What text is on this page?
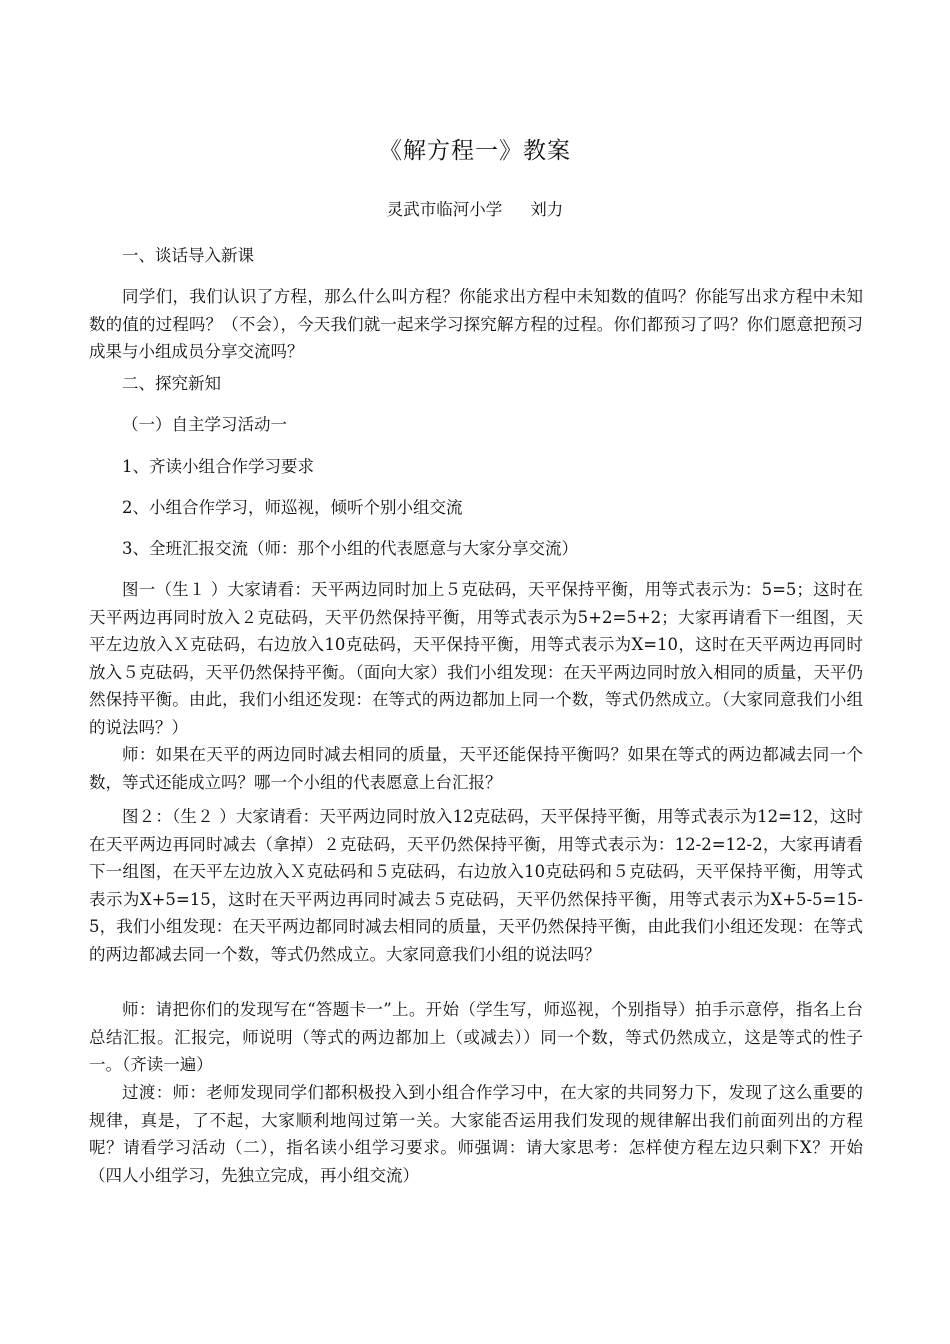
《解方程一》教案
灵武市临河小学 刘力
一、谈话导入新课
同学们，我们认识了方程，那么什么叫方程？你能求出方程中未知数的值吗？你能写出求方程中未知数的值的过程吗？（不会），今天我们就一起来学习探究解方程的过程。你们都预习了吗？你们愿意把预习成果与小组成员分享交流吗？
二、探究新知
（一）自主学习活动一
1、齐读小组合作学习要求
2、小组合作学习，师巡视，倾听个别小组交流
3、全班汇报交流（师：那个小组的代表愿意与大家分享交流）
图一（生１ ）大家请看：天平两边同时加上５克砝码，天平保持平衡，用等式表示为：5=5；这时在天平两边再同时放入２克砝码，天平仍然保持平衡，用等式表示为5+2=5+2；大家再请看下一组图，天平左边放入Ｘ克砝码，右边放入10克砝码，天平保持平衡，用等式表示为X=10，这时在天平两边再同时放入５克砝码，天平仍然保持平衡。（面向大家）我们小组发现：在天平两边同时放入相同的质量，天平仍然保持平衡。由此，我们小组还发现：在等式的两边都加上同一个数，等式仍然成立。（大家同意我们小组的说法吗？）
师：如果在天平的两边同时减去相同的质量，天平还能保持平衡吗？如果在等式的两边都减去同一个数，等式还能成立吗？哪一个小组的代表愿意上台汇报？
图２：（生２ ）大家请看：天平两边同时放入12克砝码，天平保持平衡，用等式表示为12=12，这时在天平两边再同时减去（拿掉）２克砝码，天平仍然保持平衡，用等式表示为：12-2=12-2，大家再请看下一组图，在天平左边放入Ｘ克砝码和５克砝码，右边放入10克砝码和５克砝码，天平保持平衡，用等式表示为X+5=15，这时在天平两边再同时减去５克砝码，天平仍然保持平衡，用等式表示为X+5-5=15-5，我们小组发现：在天平两边都同时减去相同的质量，天平仍然保持平衡，由此我们小组还发现：在等式的两边都减去同一个数，等式仍然成立。大家同意我们小组的说法吗？
师：请把你们的发现写在“答题卡一”上。开始（学生写，师巡视，个别指导）拍手示意停，指名上台总结汇报。汇报完，师说明（等式的两边都加上（或减去））同一个数，等式仍然成立，这是等式的性子一。（齐读一遍）
过渡：师：老师发现同学们都积极投入到小组合作学习中，在大家的共同努力下，发现了这么重要的规律，真是，了不起，大家顺利地闯过第一关。大家能否运用我们发现的规律解出我们前面列出的方程呢？请看学习活动（二），指名读小组学习要求。师强调：请大家思考：怎样使方程左边只剩下X？开始（四人小组学习，先独立完成，再小组交流）
